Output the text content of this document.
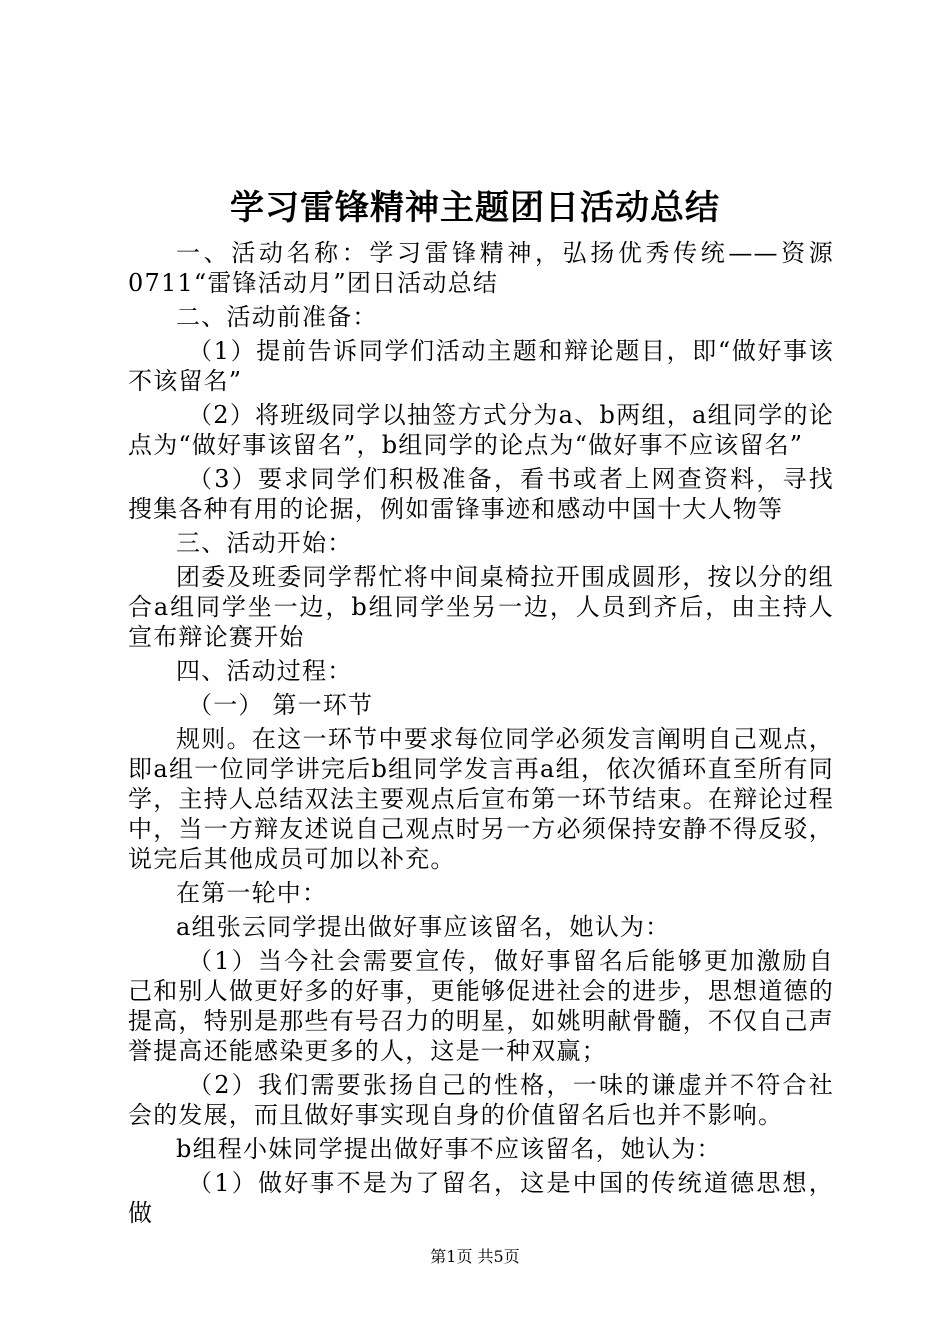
学习雷锋精神主题团日活动总结

一、活动名称：学习雷锋精神，弘扬优秀传统——资源0711“雷锋活动月”团日活动总结

二、活动前准备：

（1）提前告诉同学们活动主题和辩论题目，即“做好事该不该留名”

（2）将班级同学以抽签方式分为a、b两组，a组同学的论点为“做好事该留名”，b组同学的论点为“做好事不应该留名”

（3）要求同学们积极准备，看书或者上网查资料，寻找搜集各种有用的论据，例如雷锋事迹和感动中国十大人物等

三、活动开始：

团委及班委同学帮忙将中间桌椅拉开围成圆形，按以分的组合a组同学坐一边，b组同学坐另一边，人员到齐后，由主持人宣布辩论赛开始

四、活动过程：

（一） 第一环节

规则。在这一环节中要求每位同学必须发言阐明自己观点，即a组一位同学讲完后b组同学发言再a组，依次循环直至所有同学，主持人总结双法主要观点后宣布第一环节结束。在辩论过程中，当一方辩友述说自己观点时另一方必须保持安静不得反驳，说完后其他成员可加以补充。

在第一轮中：

a组张云同学提出做好事应该留名，她认为：

（1）当今社会需要宣传，做好事留名后能够更加激励自己和别人做更好多的好事，更能够促进社会的进步，思想道德的提高，特别是那些有号召力的明星，如姚明献骨髓，不仅自己声誉提高还能感染更多的人，这是一种双赢；

（2）我们需要张扬自己的性格，一味的谦虚并不符合社会的发展，而且做好事实现自身的价值留名后也并不影响。

b组程小妹同学提出做好事不应该留名，她认为：

（1）做好事不是为了留名，这是中国的传统道德思想，做

第1页 共5页
